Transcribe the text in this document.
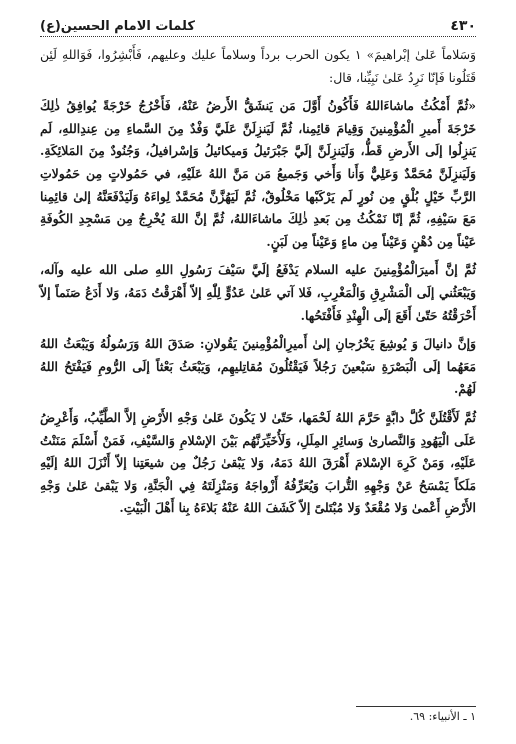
٤٣٠
كلمات الامام الحسين(ع)

وَسَلاماً عَلىٰ إبْراهيمَ» ١ يكون الحرب برداً وسلاماً عليك وعليهم، فَأَبْشِرُوا، فَوَاللهِ لَئِن قَتَلُونا فَإنّا نَرِدُ عَلىٰ نَبِيِّنا، قال:

«ثُمَّ أَمْكُثُ ماشاءَاللهُ فَأَكُونُ أَوَّلَ مَن يَنشَقُّ الأَرضُ عَنْهُ، فَأَخْرُجُ خَرْجَةً يُوافِقُ ذٰلِكَ خَرْجَةَ أَميرِ الْمُؤْمِنينَ وَقِيامَ قائِمِنا، ثُمَّ لَيَنزِلَنَّ عَلَيَّ وَفْدٌ مِنَ السَّماءِ مِن عِندِاللهِ، لَم يَنزِلُوا إلَى الأَرضِ قَطُّ، وَلَيَنزِلَنَّ إلَيَّ جَبْرَئيلُ وَميكائيلُ وَإسْرافيلُ، وَجُنُودٌ مِنَ المَلائِكَةِ. وَلَيَنزِلَنَّ مُحَمَّدٌ وَعَلِيٌّ وَأَنا وَأَخي وَجَميعُ مَن مَنَّ اللهُ عَلَيْهِ، في حَمُولاتٍ مِن حَمُولاتِ الرَّبِّ خَيْلٍ بُلْقٍ مِن نُورٍ لَم يَرْكَبْها مَخْلُوقٌ، ثُمَّ لَيَهُزَّنَّ مُحَمَّدٌ لِواءَهُ وَلَيَدْفَعَنَّهُ إلىٰ قائِمِنا مَعَ سَيْفِهِ، ثُمَّ إنّا نَمْكُثُ مِن بَعدِ ذٰلِكَ ماشاءَاللهُ، ثُمَّ إنَّ اللهَ يُخْرِجُ مِن مَسْجِدِ الكُوفَةِ عَيْناً مِن دُهْنٍ وَعَيْناً مِن ماءٍ وَعَيْناً مِن لَبَنٍ.

ثُمَّ إنَّ أَميرَالْمُؤْمِنينَ عليه السلام يَدْفَعُ إلَيَّ سَيْفَ رَسُولِ اللهِ صلى الله عليه وآله، وَيَبْعَثُني إلَى الْمَشْرِقِ وَالْمَغْرِبِ، فَلا آتي عَلىٰ عَدُوٍّ لِلّٰهِ إلاّ أَهْرَقْتُ دَمَهُ، وَلا أَدَعُ صَنَماً إلاّ أَحْرَقْتُهُ حَتّىٰ أَقَعَ إلَى الْهِنْدِ فَأَفْتَحُها.

وَإنَّ دانيالَ وَ يُوشِعَ يَخْرُجانِ إلىٰ أَميرِالْمُؤْمِنينَ يَقُولانِ: صَدَقَ اللهُ وَرَسُولُهُ وَيَبْعَثُ اللهُ مَعَهُما إلَى الْبَصْرَةِ سَبْعينَ رَجُلاً فَيَقْتُلُونَ مُقاتِليهِم، وَيَبْعَثُ بَعْثاً إلَى الرُّومِ فَيَفْتَحُ اللهُ لَهُمْ.

ثُمَّ لَأَقْتُلَنَّ كُلَّ دابَّةٍ حَرَّمَ اللهُ لَحْمَها، حَتّىٰ لا يَكُونَ عَلىٰ وَجْهِ الأَرْضِ إلاَّ الطَّيِّبُ، وَأَعْرِضُ عَلَى الْيَهُودِ وَالنَّصارىٰ وَسائِرِ المِلَلِ، وَلَأُخَيِّرَنَّهُم بَيْنَ الإسْلامِ وَالسَّيْفِ، فَمَنْ أَسْلَمَ مَنَنْتُ عَلَيْهِ، وَمَنْ كَرِهَ الإسْلامَ أَهْرَقَ اللهُ دَمَهُ، وَلا يَبْقىٰ رَجُلٌ مِن شيعَتِنا إلاّ أَنْزَلَ اللهُ إلَيْهِ مَلَكاً يَمْسَحُ عَنْ وَجْهِهِ التُّرابَ وَيُعَرِّفُهُ أَزْواجَهُ وَمَنْزِلَتَهُ فِي الْجَنَّةِ، وَلا يَبْقىٰ عَلىٰ وَجْهِ الأَرْضِ أَعْمىٰ وَلا مُقْعَدٌ وَلا مُبْتَلىً إلاّ كَشَفَ اللهُ عَنْهُ بَلاءَهُ بِنا أَهْلَ الْبَيْتِ.

١ ـ الأنبياء: ٦٩.
